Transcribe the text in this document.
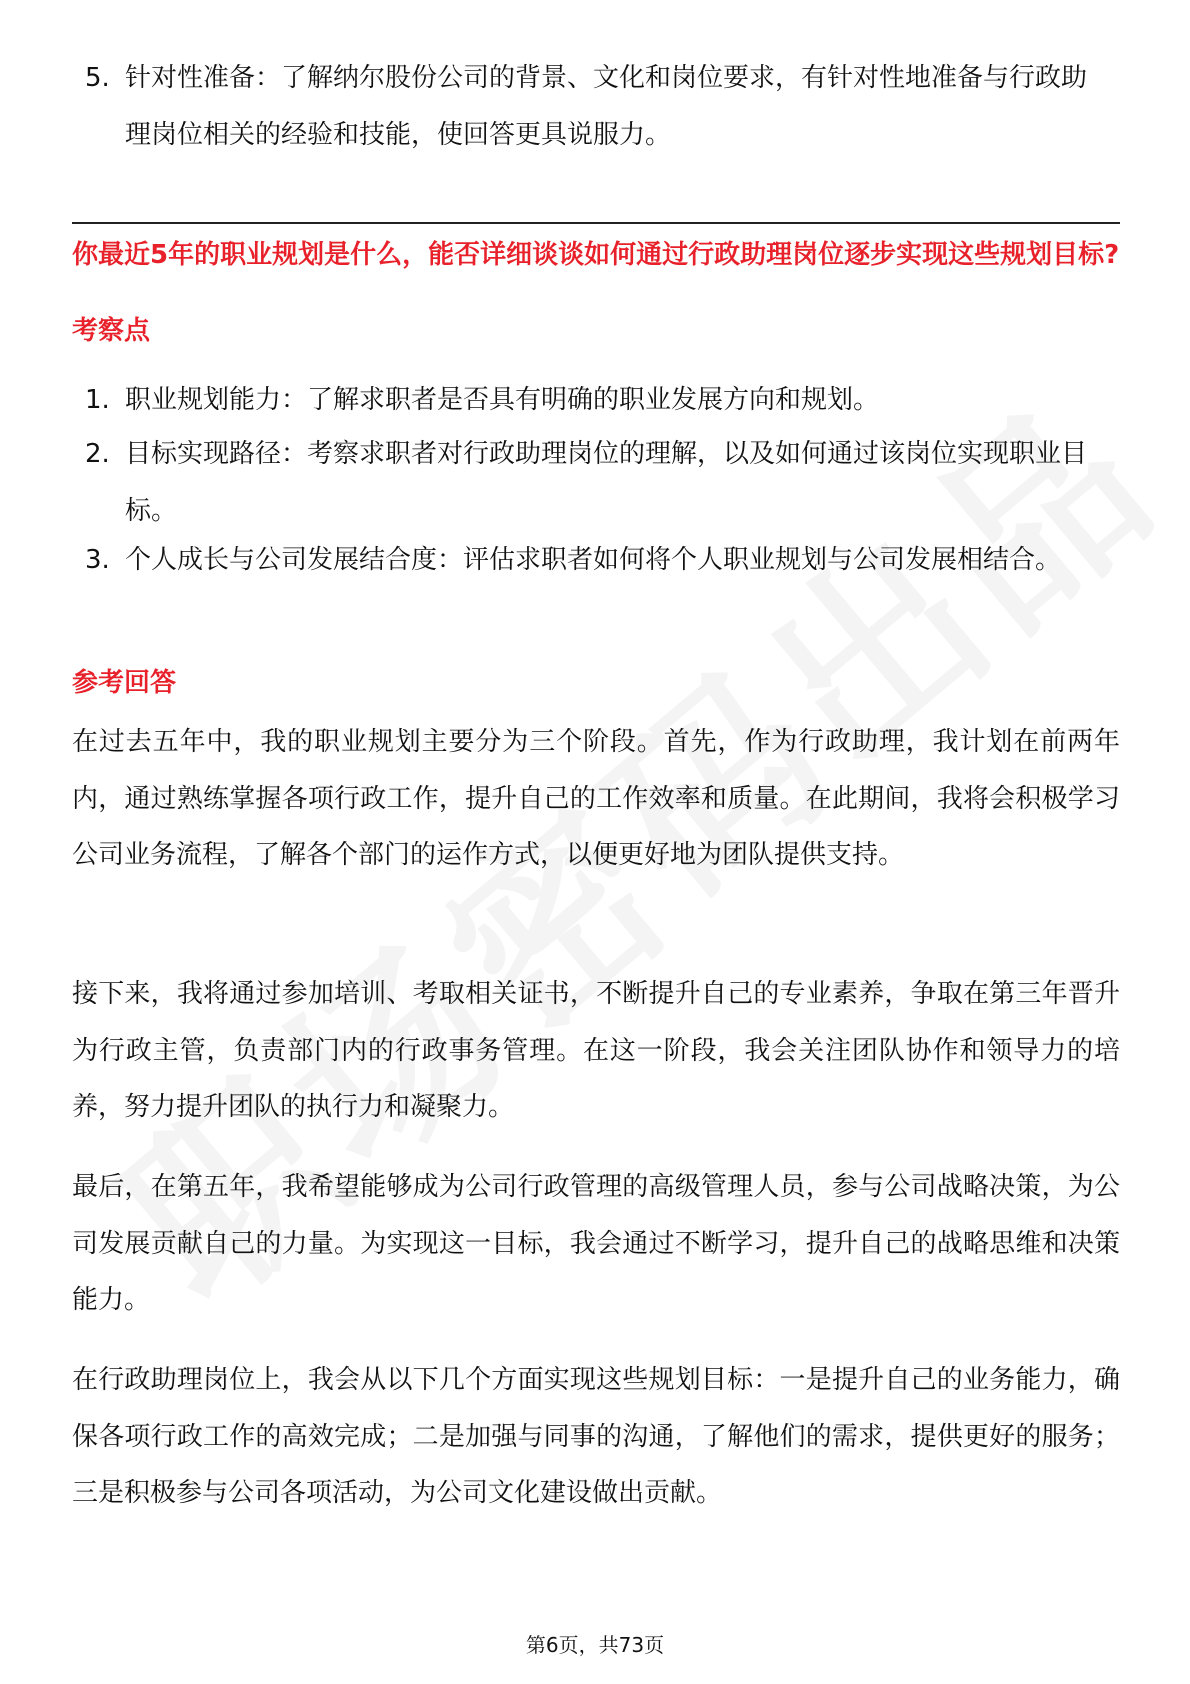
5. 针对性准备：了解纳尔股份公司的背景、文化和岗位要求，有针对性地准备与行政助理岗位相关的经验和技能，使回答更具说服力。
你最近5年的职业规划是什么，能否详细谈谈如何通过行政助理岗位逐步实现这些规划目标?
考察点
1. 职业规划能力：了解求职者是否具有明确的职业发展方向和规划。
2. 目标实现路径：考察求职者对行政助理岗位的理解，以及如何通过该岗位实现职业目标。
3. 个人成长与公司发展结合度：评估求职者如何将个人职业规划与公司发展相结合。
参考回答
在过去五年中，我的职业规划主要分为三个阶段。首先，作为行政助理，我计划在前两年内，通过熟练掌握各项行政工作，提升自己的工作效率和质量。在此期间，我将会积极学习公司业务流程，了解各个部门的运作方式，以便更好地为团队提供支持。
接下来，我将通过参加培训、考取相关证书，不断提升自己的专业素养，争取在第三年晋升为行政主管，负责部门内的行政事务管理。在这一阶段，我会关注团队协作和领导力的培养，努力提升团队的执行力和凝聚力。
最后，在第五年，我希望能够成为公司行政管理的高级管理人员，参与公司战略决策，为公司发展贡献自己的力量。为实现这一目标，我会通过不断学习，提升自己的战略思维和决策能力。
在行政助理岗位上，我会从以下几个方面实现这些规划目标：一是提升自己的业务能力，确保各项行政工作的高效完成；二是加强与同事的沟通，了解他们的需求，提供更好的服务；三是积极参与公司各项活动，为公司文化建设做出贡献。
第6页，共73页
